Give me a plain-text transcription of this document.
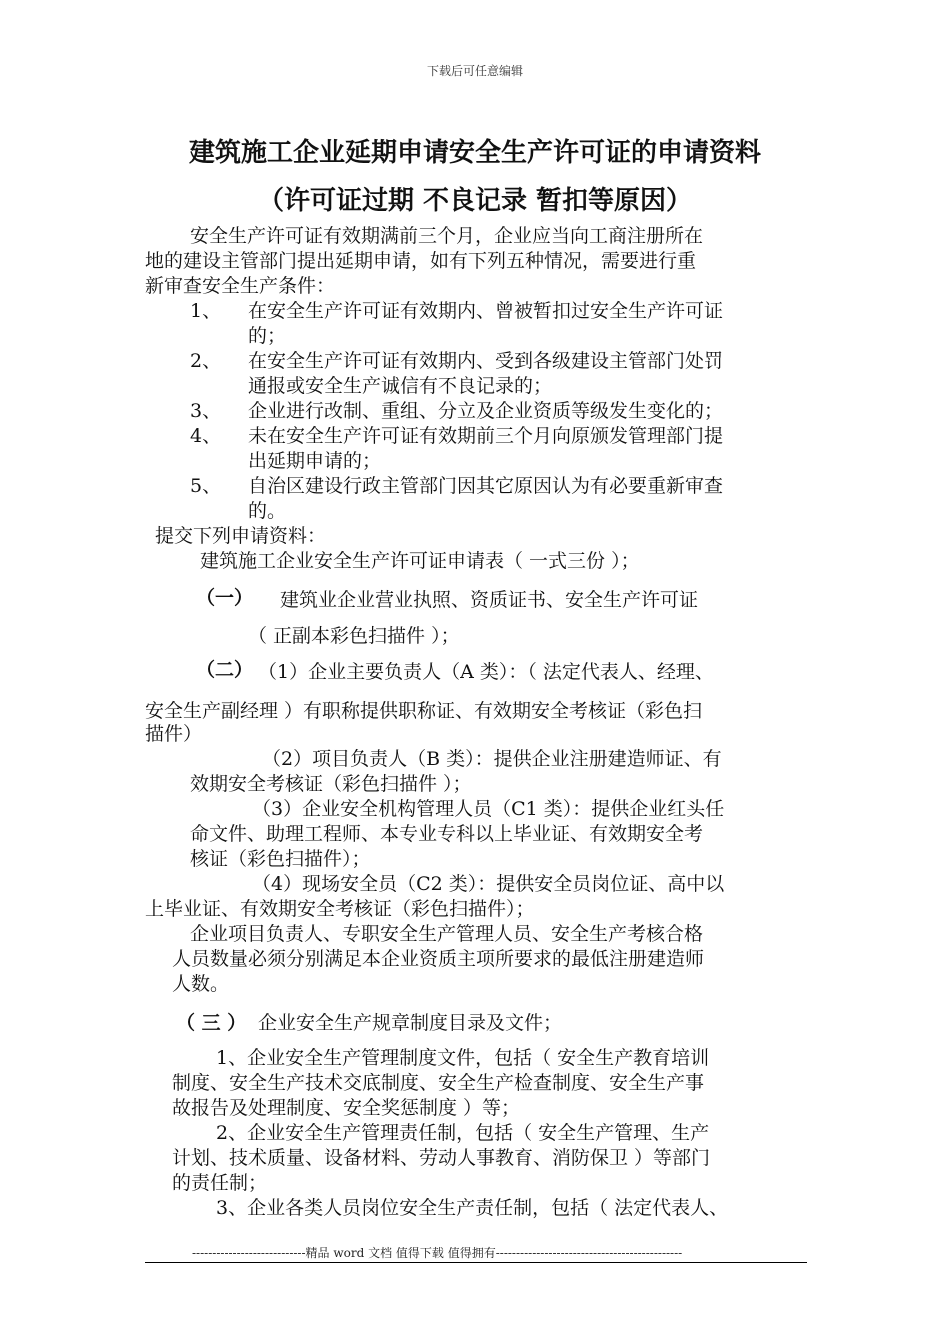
下载后可任意编辑
建筑施工企业延期申请安全生产许可证的申请资料
（许可证过期 不良记录 暂扣等原因）
安全生产许可证有效期满前三个月，企业应当向工商注册所在
地的建设主管部门提出延期申请，如有下列五种情况，需要进行重
新审查安全生产条件：
1、 在安全生产许可证有效期内、曾被暂扣过安全生产许可证
的；
2、 在安全生产许可证有效期内、受到各级建设主管部门处罚
通报或安全生产诚信有不良记录的；
3、 企业进行改制、重组、分立及企业资质等级发生变化的；
4、 未在安全生产许可证有效期前三个月向原颁发管理部门提
出延期申请的；
5、 自治区建设行政主管部门因其它原因认为有必要重新审查
的。
提交下列申请资料：
建筑施工企业安全生产许可证申请表（ 一式三份 ）；
（一） 建筑业企业营业执照、资质证书、安全生产许可证
（ 正副本彩色扫描件 ）；
（二） （1）企业主要负责人（A 类）：（ 法定代表人、经理、
安全生产副经理 ）有职称提供职称证、有效期安全考核证（彩色扫
描件）
（2）项目负责人（B 类）：提供企业注册建造师证、有
效期安全考核证（彩色扫描件 ）；
（3）企业安全机构管理人员（C1 类）：提供企业红头任
命文件、助理工程师、本专业专科以上毕业证、有效期安全考
核证（彩色扫描件）；
（4）现场安全员（C2 类）：提供安全员岗位证、高中以
上毕业证、有效期安全考核证（彩色扫描件）；
企业项目负责人、专职安全生产管理人员、安全生产考核合格
人员数量必须分别满足本企业资质主项所要求的最低注册建造师
人数。
（ 三 ） 企业安全生产规章制度目录及文件；
1、企业安全生产管理制度文件，包括（ 安全生产教育培训
制度、安全生产技术交底制度、安全生产检查制度、安全生产事
故报告及处理制度、安全奖惩制度 ）等；
2、企业安全生产管理责任制，包括（ 安全生产管理、生产
计划、技术质量、设备材料、劳动人事教育、消防保卫 ）等部门
的责任制；
3、企业各类人员岗位安全生产责任制，包括（ 法定代表人、
----------------------------精品 word 文档 值得下载 值得拥有----------------------------------------------
